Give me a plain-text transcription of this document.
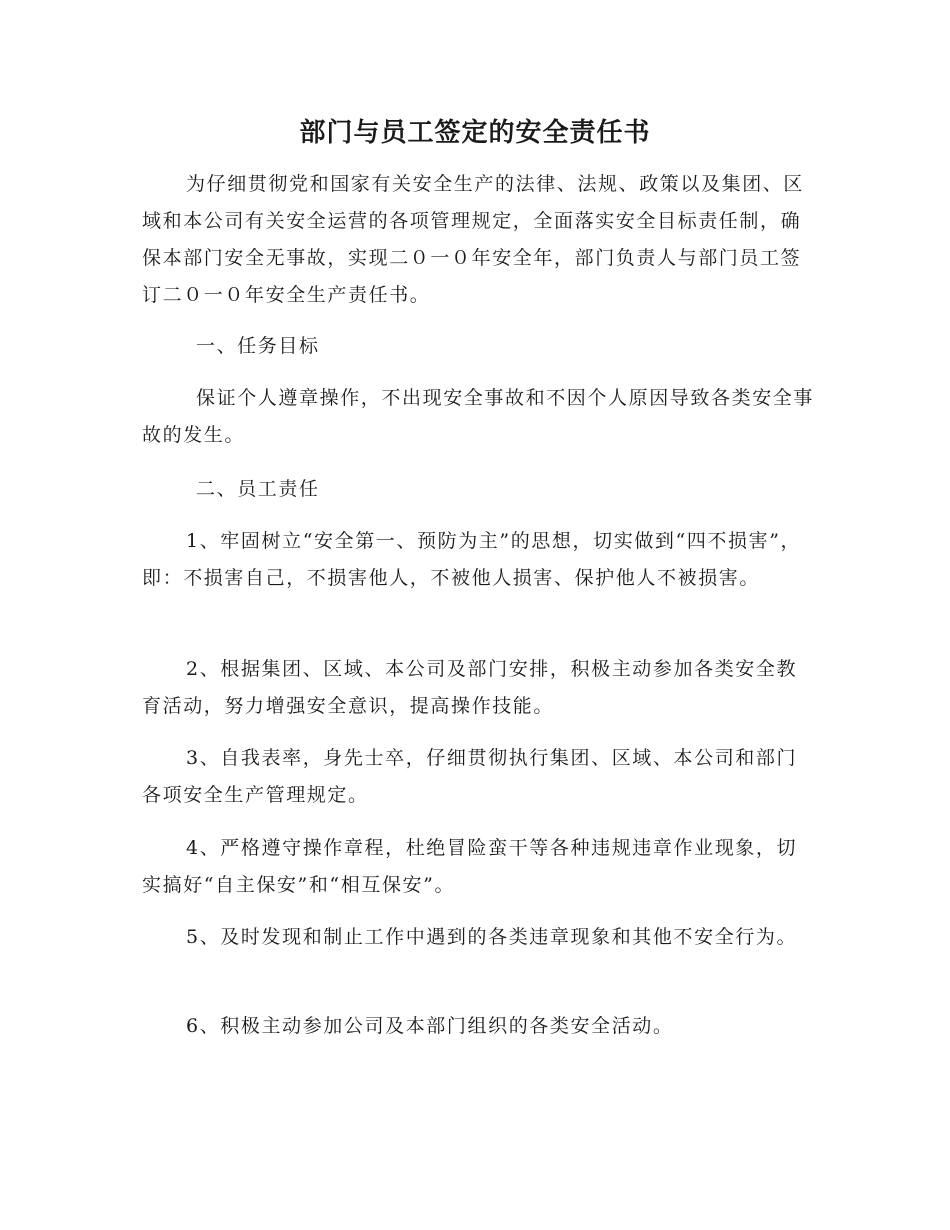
部门与员工签定的安全责任书
为仔细贯彻党和国家有关安全生产的法律、法规、政策以及集团、区域和本公司有关安全运营的各项管理规定，全面落实安全目标责任制，确保本部门安全无事故，实现二０一０年安全年，部门负责人与部门员工签订二０一０年安全生产责任书。
一、任务目标
保证个人遵章操作，不出现安全事故和不因个人原因导致各类安全事故的发生。
二、员工责任
1、牢固树立“安全第一、预防为主”的思想，切实做到“四不损害”，即：不损害自己，不损害他人，不被他人损害、保护他人不被损害。
2、根据集团、区域、本公司及部门安排，积极主动参加各类安全教育活动，努力增强安全意识，提高操作技能。
3、自我表率，身先士卒，仔细贯彻执行集团、区域、本公司和部门各项安全生产管理规定。
4、严格遵守操作章程，杜绝冒险蛮干等各种违规违章作业现象，切实搞好“自主保安”和“相互保安”。
5、及时发现和制止工作中遇到的各类违章现象和其他不安全行为。
6、积极主动参加公司及本部门组织的各类安全活动。
